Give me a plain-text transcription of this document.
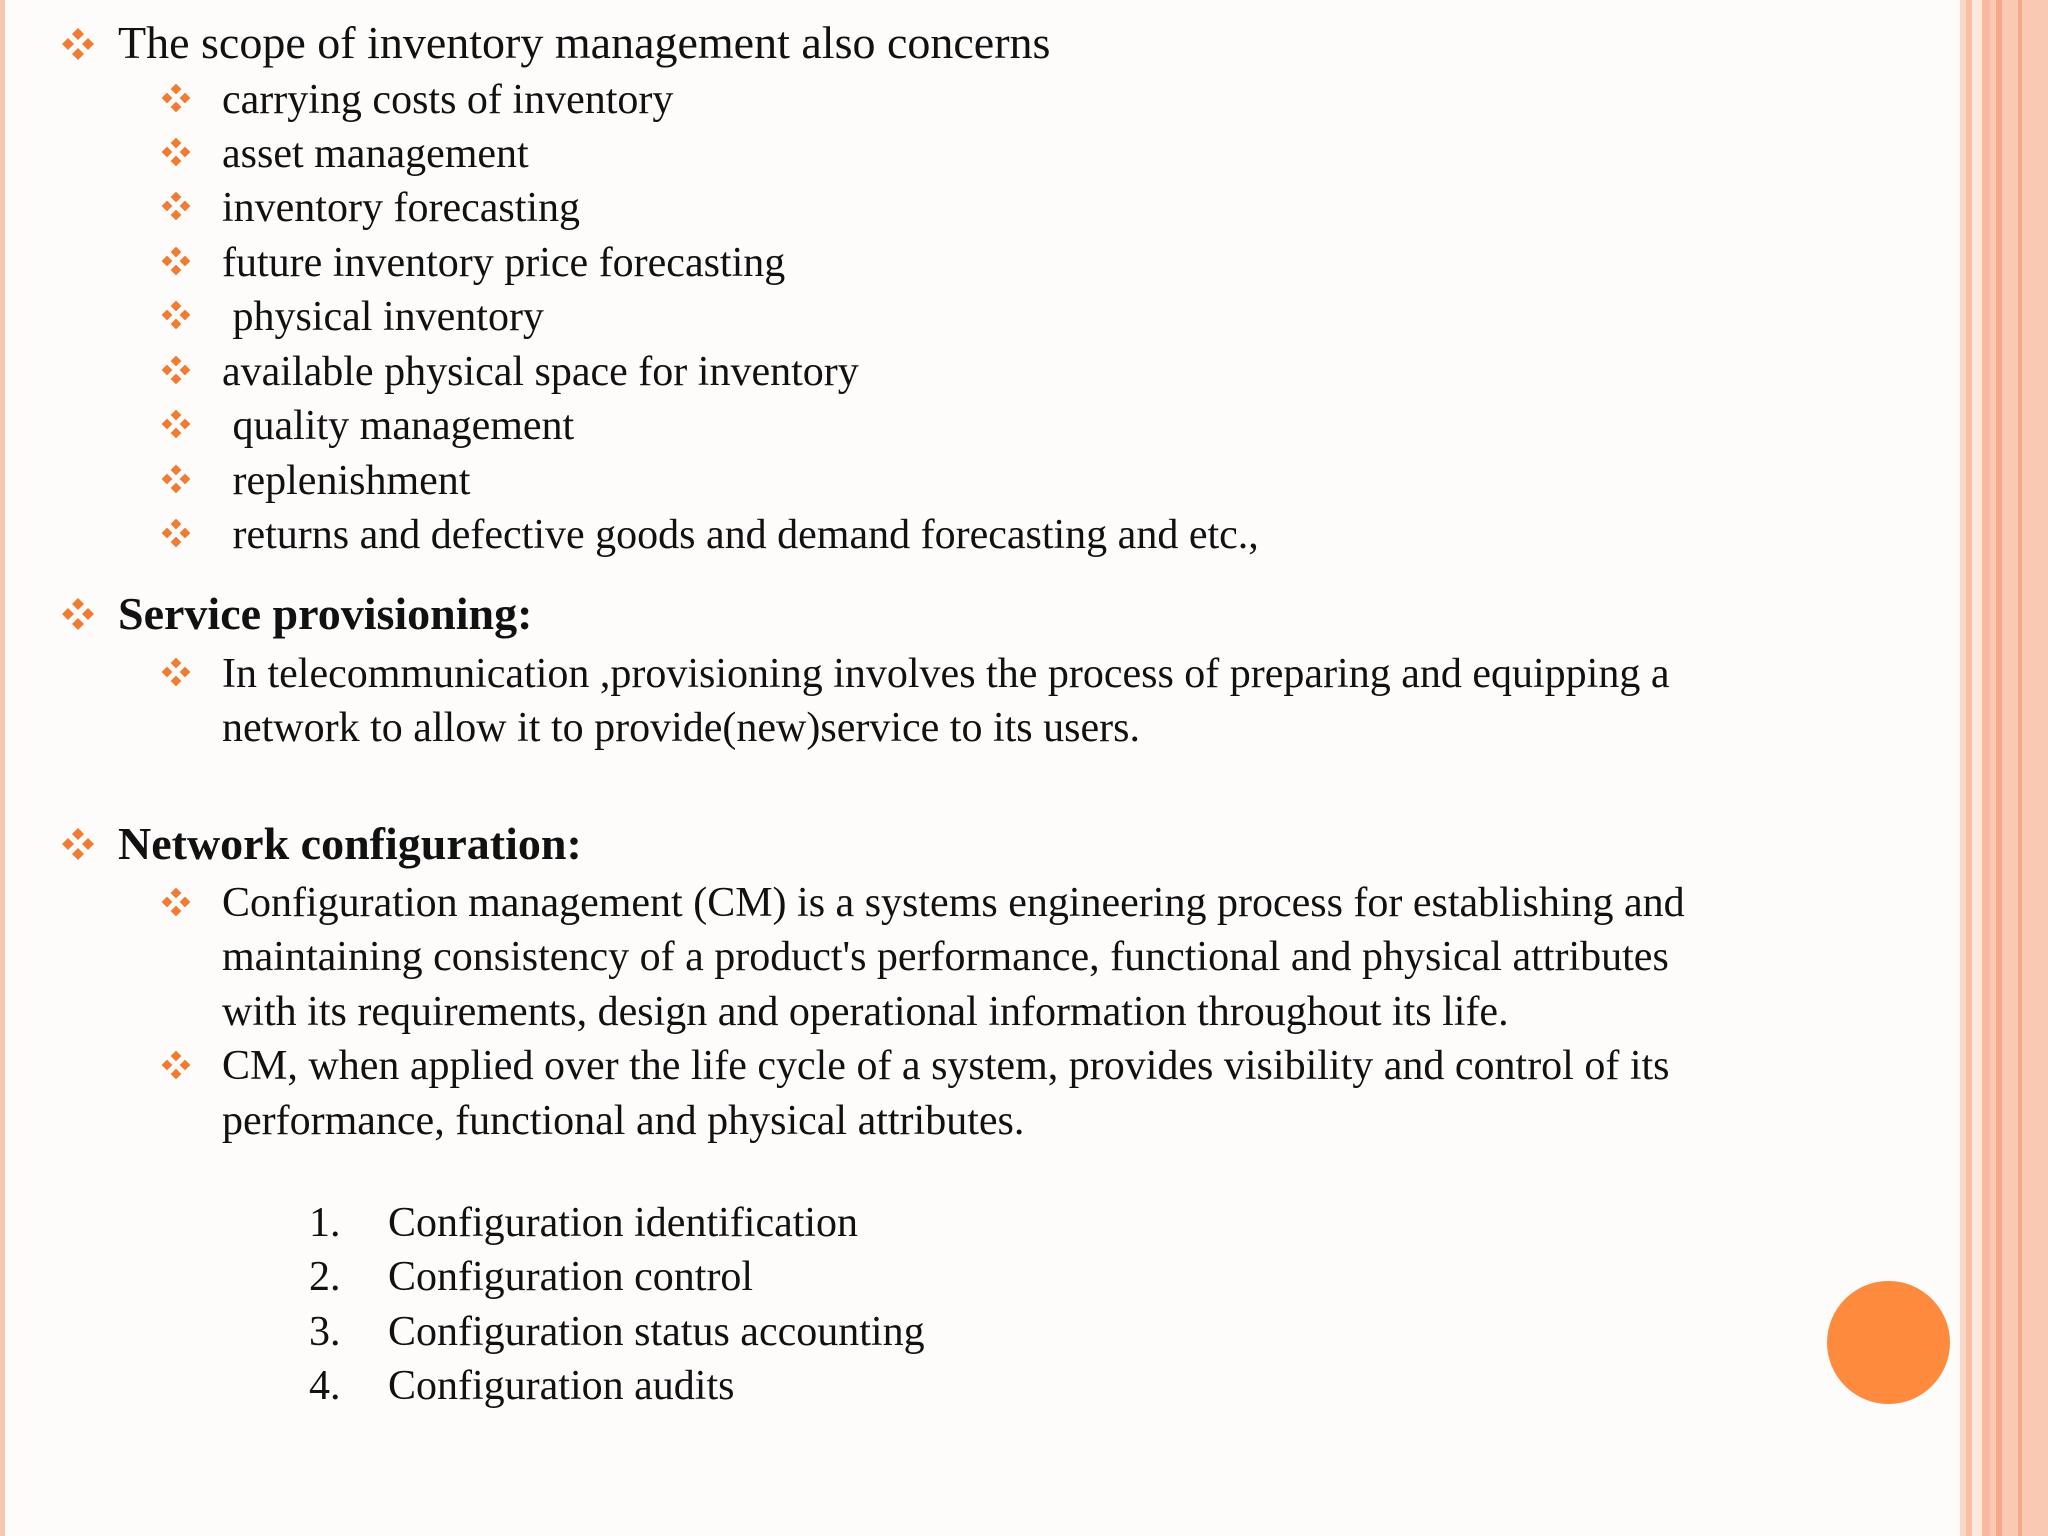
The scope of inventory management also concerns
carrying costs of inventory
asset management
inventory forecasting
future inventory price forecasting
physical inventory
available physical space for inventory
quality management
replenishment
returns and defective goods and demand forecasting and etc.,
Service provisioning:
In telecommunication ,provisioning involves the process of preparing and equipping a
network to allow it to provide(new)service to its users.
Network configuration:
Configuration management (CM) is a systems engineering process for establishing and
maintaining consistency of a product's performance, functional and physical attributes
with its requirements, design and operational information throughout its life.
CM, when applied over the life cycle of a system, provides visibility and control of its
performance, functional and physical attributes.
1. Configuration identification
2. Configuration control
3. Configuration status accounting
4. Configuration audits
